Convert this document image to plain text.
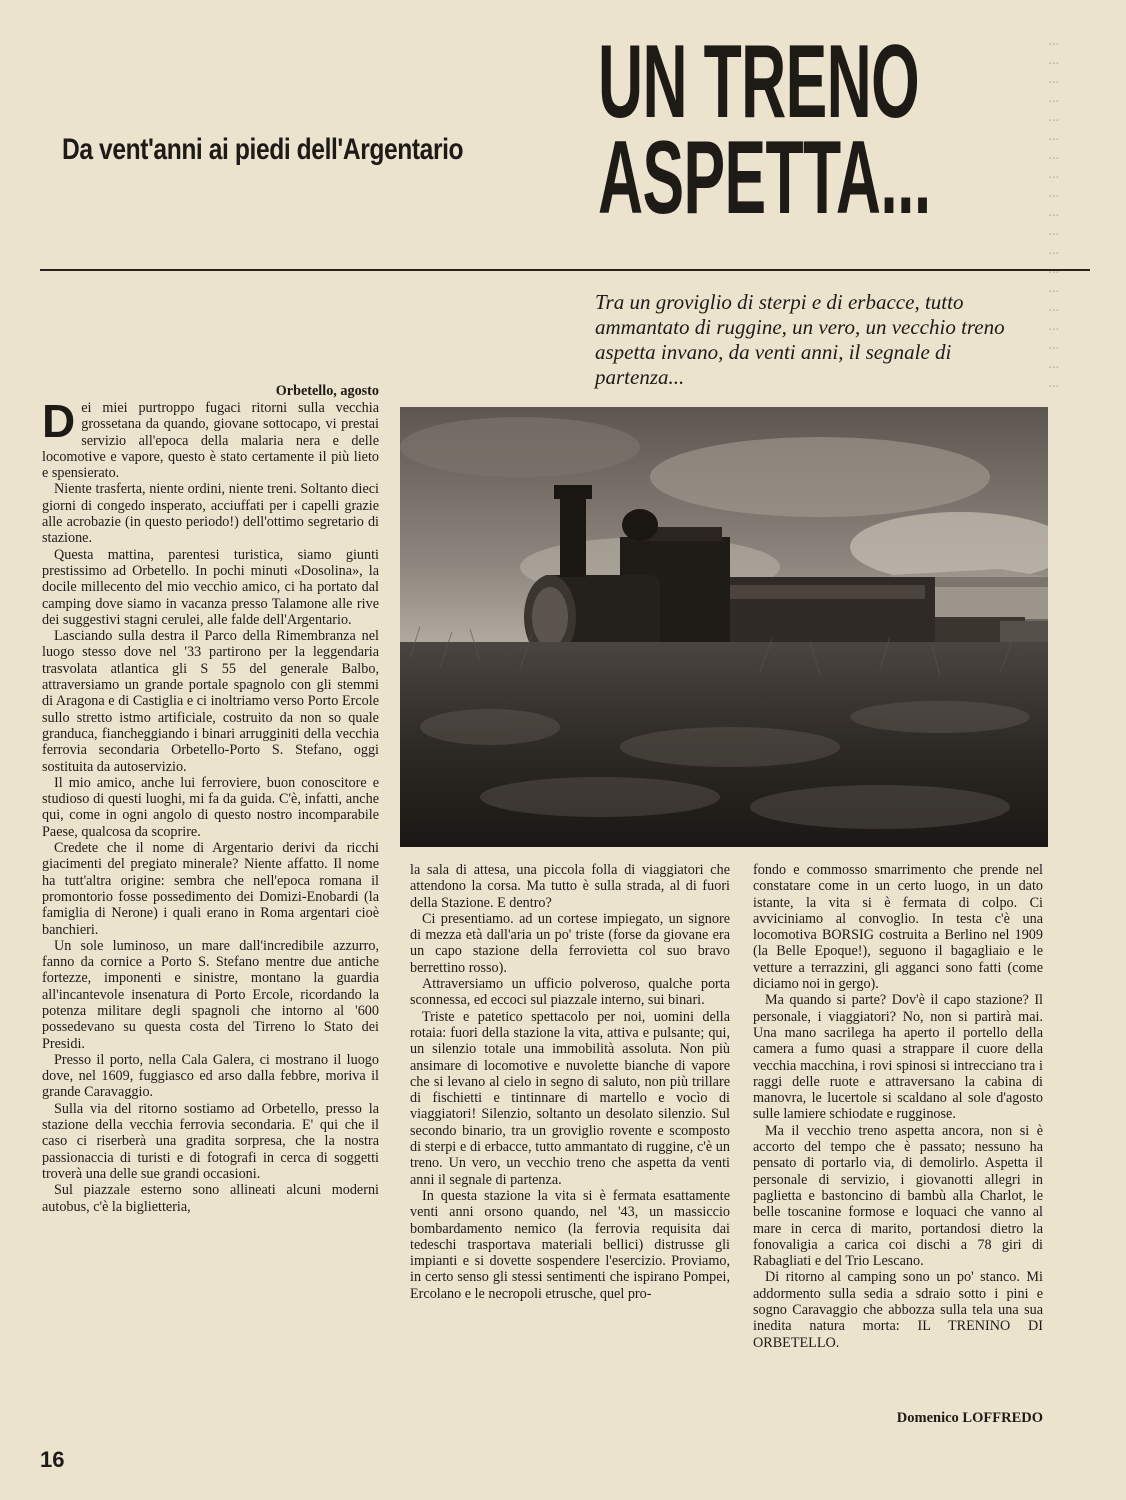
Da vent'anni ai piedi dell'Argentario
UN TRENO
ASPETTA...
...
...
...
...
...
...
...
...
...
...
...
...

...
...
...
...
...
...
Tra un groviglio di sterpi e di erbacce, tutto ammantato di ruggine, un vero, un vecchio treno aspetta invano, da venti anni, il segnale di partenza...
Orbetello, agosto

Dei miei purtroppo fugaci ritorni sulla vecchia grossetana da quando, giovane sottocapo, vi prestai servizio all'epoca della malaria nera e delle locomotive e vapore, questo è stato certamente il più lieto e spensierato.

Niente trasferta, niente ordini, niente treni. Soltanto dieci giorni di congedo insperato, acciuffati per i capelli grazie alle acrobazie (in questo periodo!) dell'ottimo segretario di stazione.

Questa mattina, parentesi turistica, siamo giunti prestissimo ad Orbetello. In pochi minuti «Dosolina», la docile millecento del mio vecchio amico, ci ha portato dal camping dove siamo in vacanza presso Talamone alle rive dei suggestivi stagni cerulei, alle falde dell'Argentario.

Lasciando sulla destra il Parco della Rimembranza nel luogo stesso dove nel '33 partirono per la leggendaria trasvolata atlantica gli S 55 del generale Balbo, attraversiamo un grande portale spagnolo con gli stemmi di Aragona e di Castiglia e ci inoltriamo verso Porto Ercole sullo stretto istmo artificiale, costruito da non so quale granduca, fiancheggiando i binari arrugginiti della vecchia ferrovia secondaria Orbetello-Porto S. Stefano, oggi sostituita da autoservizio.

Il mio amico, anche lui ferroviere, buon conoscitore e studioso di questi luoghi, mi fa da guida. C'è, infatti, anche qui, come in ogni angolo di questo nostro incomparabile Paese, qualcosa da scoprire.

Credete che il nome di Argentario derivi da ricchi giacimenti del pregiato minerale? Niente affatto. Il nome ha tutt'altra origine: sembra che nell'epoca romana il promontorio fosse possedimento dei Domizi-Enobardi (la famiglia di Nerone) i quali erano in Roma argentari cioè banchieri.

Un sole luminoso, un mare dall'incredibile azzurro, fanno da cornice a Porto S. Stefano mentre due antiche fortezze, imponenti e sinistre, montano la guardia all'incantevole insenatura di Porto Ercole, ricordando la potenza militare degli spagnoli che intorno al '600 possedevano su questa costa del Tirreno lo Stato dei Presidi.

Presso il porto, nella Cala Galera, ci mostrano il luogo dove, nel 1609, fuggiasco ed arso dalla febbre, moriva il grande Caravaggio.

Sulla via del ritorno sostiamo ad Orbetello, presso la stazione della vecchia ferrovia secondaria. E' qui che il caso ci riserberà una gradita sorpresa, che la nostra passionaccia di turisti e di fotografi in cerca di soggetti troverà una delle sue grandi occasioni.

Sul piazzale esterno sono allineati alcuni moderni autobus, c'è la biglietteria,

la sala di attesa, una piccola folla di viaggiatori che attendono la corsa. Ma tutto è sulla strada, al di fuori della Stazione. E dentro?

Ci presentiamo. ad un cortese impiegato, un signore di mezza età dall'aria un po' triste (forse da giovane era un capo stazione della ferrovietta col suo bravo berrettino rosso).

Attraversiamo un ufficio polveroso, qualche porta sconnessa, ed eccoci sul piazzale interno, sui binari.

Triste e patetico spettacolo per noi, uomini della rotaia: fuori della stazione la vita, attiva e pulsante; qui, un silenzio totale una immobilità assoluta. Non più ansimare di locomotive e nuvolette bianche di vapore che si levano al cielo in segno di saluto, non più trillare di fischietti e tintinnare di martello e vocìo di viaggiatori! Silenzio, soltanto un desolato silenzio. Sul secondo binario, tra un groviglio rovente e scomposto di sterpi e di erbacce, tutto ammantato di ruggine, c'è un treno. Un vero, un vecchio treno che aspetta da venti anni il segnale di partenza.

In questa stazione la vita si è fermata esattamente venti anni orsono quando, nel '43, un massiccio bombardamento nemico (la ferrovia requisita dai tedeschi trasportava materiali bellici) distrusse gli impianti e si dovette sospendere l'esercizio. Proviamo, in certo senso gli stessi sentimenti che ispirano Pompei, Ercolano e le necropoli etrusche, quel pro-

fondo e commosso smarrimento che prende nel constatare come in un certo luogo, in un dato istante, la vita si è fermata di colpo. Ci avviciniamo al convoglio. In testa c'è una locomotiva BORSIG costruita a Berlino nel 1909 (la Belle Epoque!), seguono il bagagliaio e le vetture a terrazzini, gli agganci sono fatti (come diciamo noi in gergo).

Ma quando si parte? Dov'è il capo stazione? Il personale, i viaggiatori? No, non si partirà mai. Una mano sacrilega ha aperto il portello della camera a fumo quasi a strappare il cuore della vecchia macchina, i rovi spinosi si intrecciano tra i raggi delle ruote e attraversano la cabina di manovra, le lucertole si scaldano al sole d'agosto sulle lamiere schiodate e rugginose.

Ma il vecchio treno aspetta ancora, non si è accorto del tempo che è passato; nessuno ha pensato di portarlo via, di demolirlo. Aspetta il personale di servizio, i giovanotti allegri in paglietta e bastoncino di bambù alla Charlot, le belle toscanine formose e loquaci che vanno al mare in cerca di marito, portandosi dietro la fonovaligia a carica coi dischi a 78 giri di Rabagliati e del Trio Lescano.

Di ritorno al camping sono un po' stanco. Mi addormento sulla sedia a sdraio sotto i pini e sogno Caravaggio che abbozza sulla tela una sua inedita natura morta: IL TRENINO DI ORBETELLO.

Domenico LOFFREDO
16
